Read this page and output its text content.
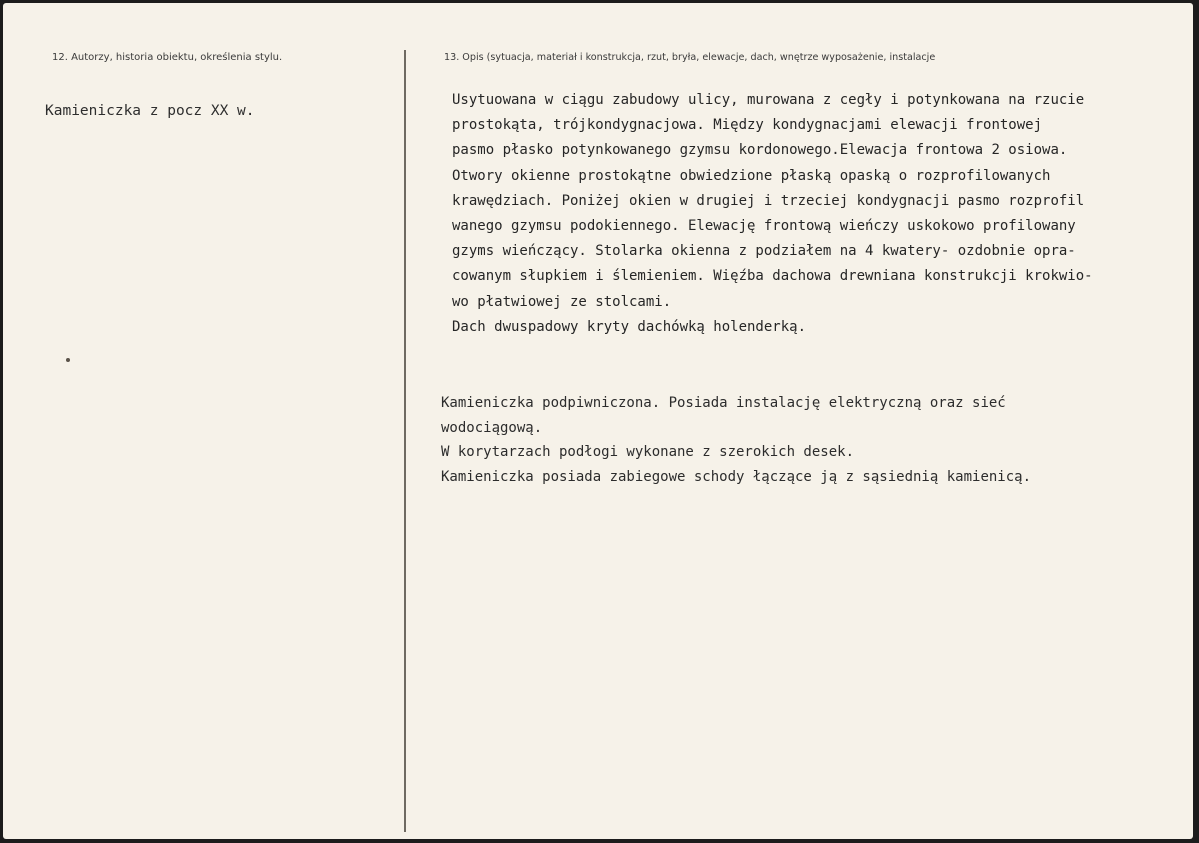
12. Autorzy, historia obiektu, określenia stylu.
Kamieniczka z pocz XX w.
13. Opis (sytuacja, materiał i konstrukcja, rzut, bryła, elewacje, dach, wnętrze wyposażenie, instalacje
Usytuowana w ciągu zabudowy ulicy, murowana z cegły i potynkowana na rzucie
prostokąta, trójkondygnacjowa. Między kondygnacjami elewacji frontowej
pasmo płasko potynkowanego gzymsu kordonowego.Elewacja frontowa 2 osiowa.
Otwory okienne prostokątne obwiedzione płaską opaską o rozprofilowanych
krawędziach. Poniżej okien w drugiej i trzeciej kondygnacji pasmo rozprofil
wanego gzymsu podokiennego. Elewację frontową wieńczy uskokowo profilowany
gzyms wieńczący. Stolarka okienna z podziałem na 4 kwatery- ozdobnie opra-
cowanym słupkiem i ślemieniem. Więźba dachowa drewniana konstrukcji krokwio-
wo płatwiowej ze stolcami.
Dach dwuspadowy kryty dachówką holenderką.
Kamieniczka podpiwniczona. Posiada instalację elektryczną oraz sieć
wodociągową.
W korytarzach podłogi wykonane z szerokich desek.
Kamieniczka posiada zabiegowe schody łączące ją z sąsiednią kamienicą.
